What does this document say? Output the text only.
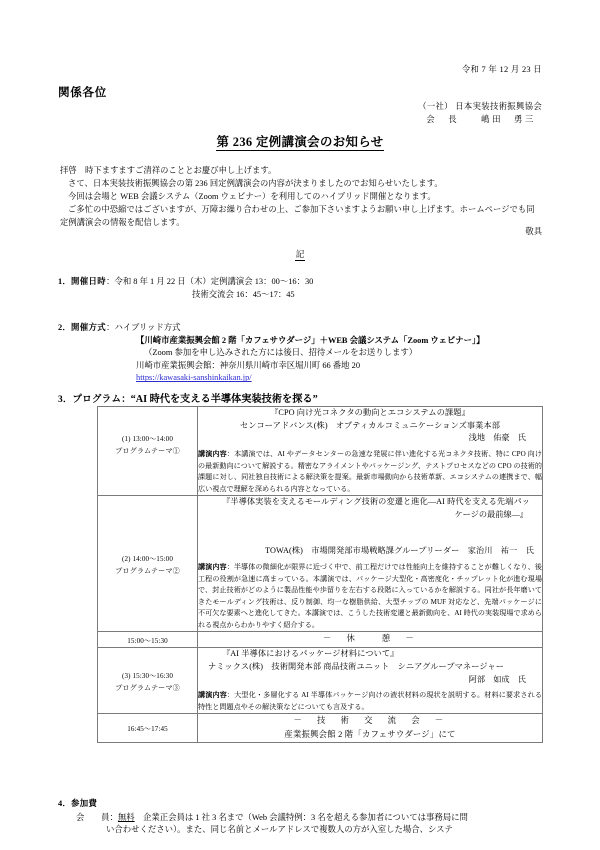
令和 7 年 12 月 23 日
関係各位
（一社） 日本実装技術振興協会
会　長　　嶋田　勇三
第 236 定例講演会のお知らせ

拝啓　時下ますますご清祥のこととお慶び申し上げます。

さて、日本実装技術振興協会の第 236 回定例講演会の内容が決まりましたのでお知らせいたします。

今回は会場と WEB 会議システム（Zoom ウェビナー）を利用してのハイブリッド開催となります。

ご多忙の中恐縮ではございますが、万障お繰り合わせの上、ご参加下さいますようお願い申し上げます。ホームページでも同定例講演会の情報を配信します。

敬具
記
1．開催日時：令和 8 年 1 月 22 日（木）定例講演会 13：00〜16：30
技術交流会 16：45〜17：45
2．開催方式：ハイブリッド方式
【川崎市産業振興会館 2 階「カフェサウダージ」＋WEB 会議システム「Zoom ウェビナー」】
（Zoom 参加を申し込みされた方には後日、招待メールをお送りします）
川崎市産業振興会館：神奈川県川崎市幸区堀川町 66 番地 20
https://kawasaki-sanshinkaikan.jp/
3．プログラム：“AI 時代を支える半導体実装技術を探る”
(1) 13:00〜14:00
プログラムテーマ①	『CPO 向け光コネクタの動向とエコシステムの課題』
センコーアドバンス(株)　オプティカルコミュニケーションズ事業本部
浅地　佑豪　氏
講演内容：本講演では、AI やデータセンターの急速な発展に伴い進化する光コネクタ技術、特に CPO 向けの最新動向について解説する。精密なアライメントやパッケージング、テストプロセスなどの CPO の技術的課題に対し、同社独自技術による解決策を提案。最新市場動向から技術革新、エコシステムの連携まで、幅広い視点で理解を深められる内容となっている。

(2) 14:00〜15:00
プログラムテーマ②	『半導体実装を支えるモールディング技術の変遷と進化—AI 時代を支える先端パッ
ケージの最前線—』
TOWA(株)　市場開発部市場戦略課グループリーダー　家治川　祐一　氏
講演内容：半導体の微細化が限界に近づく中で、前工程だけでは性能向上を維持することが難しくなり、後工程の役割が急速に高まっている。本講演では、パッケージ大型化・高密度化・チップレット化が進む現場で、封止技術がどのように製品性能や歩留りを左右する段階に入っているかを解説する。同社が長年磨いてきたモールディング技術は、反り制御、均一な樹脂供給、大型チップの MUF 対応など、先端パッケージに不可欠な要素へと進化してきた。本講演では、こうした技術変遷と最新動向を、AI 時代の実装現場で求められる視点からわかりやすく紹介する。

15:00〜15:30	－　休　　憩　－

(3) 15:30〜16:30
プログラムテーマ③	『AI 半導体におけるパッケージ材料について』
ナミックス(株)　技術開発本部 商品技術ユニット　シニアグループマネージャー
阿部　如成　氏
講演内容：大型化・多層化する AI 半導体パッケージ向けの液状材料の現状を説明する。材料に要求される特性と問題点やその解決策などについても言及する。

16:45〜17:45	－　技　術　交　流　会　－
産業振興会館 2 階「カフェサウダージ」にて
4．参加費
会　　員：無料　企業正会員は 1 社 3 名まで（Web 会議特例：3 名を超える参加者については事務局に問
い合わせください）。また、同じ名前とメールアドレスで複数人の方が入室した場合、システ
